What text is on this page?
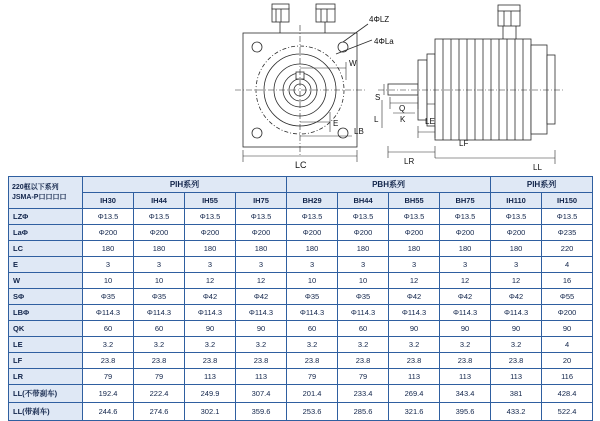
4ΦLZ
4ΦLa
W
E
LB
LC
S
Q
K LE
L
LF
LR
LL
220框以下系列
JSMA-P口口口口	PIH系列				PBH系列				PIH系列	
	IH30	IH44	IH55	IH75	BH29	BH44	BH55	BH75	IH110	IH150
LZΦ	Φ13.5	Φ13.5	Φ13.5	Φ13.5	Φ13.5	Φ13.5	Φ13.5	Φ13.5	Φ13.5	Φ13.5
LaΦ	Φ200	Φ200	Φ200	Φ200	Φ200	Φ200	Φ200	Φ200	Φ200	Φ235
LC	180	180	180	180	180	180	180	180	180	220
E	3	3	3	3	3	3	3	3	3	4
W	10	10	12	12	10	10	12	12	12	16
SΦ	Φ35	Φ35	Φ42	Φ42	Φ35	Φ35	Φ42	Φ42	Φ42	Φ55
LBΦ	Φ114.3	Φ114.3	Φ114.3	Φ114.3	Φ114.3	Φ114.3	Φ114.3	Φ114.3	Φ114.3	Φ200
QK	60	60	90	90	60	60	90	90	90	90
LE	3.2	3.2	3.2	3.2	3.2	3.2	3.2	3.2	3.2	4
LF	23.8	23.8	23.8	23.8	23.8	23.8	23.8	23.8	23.8	20
LR	79	79	113	113	79	79	113	113	113	116
LL(不带刹车)	192.4	222.4	249.9	307.4	201.4	233.4	269.4	343.4	381	428.4
LL(带刹车)	244.6	274.6	302.1	359.6	253.6	285.6	321.6	395.6	433.2	522.4
